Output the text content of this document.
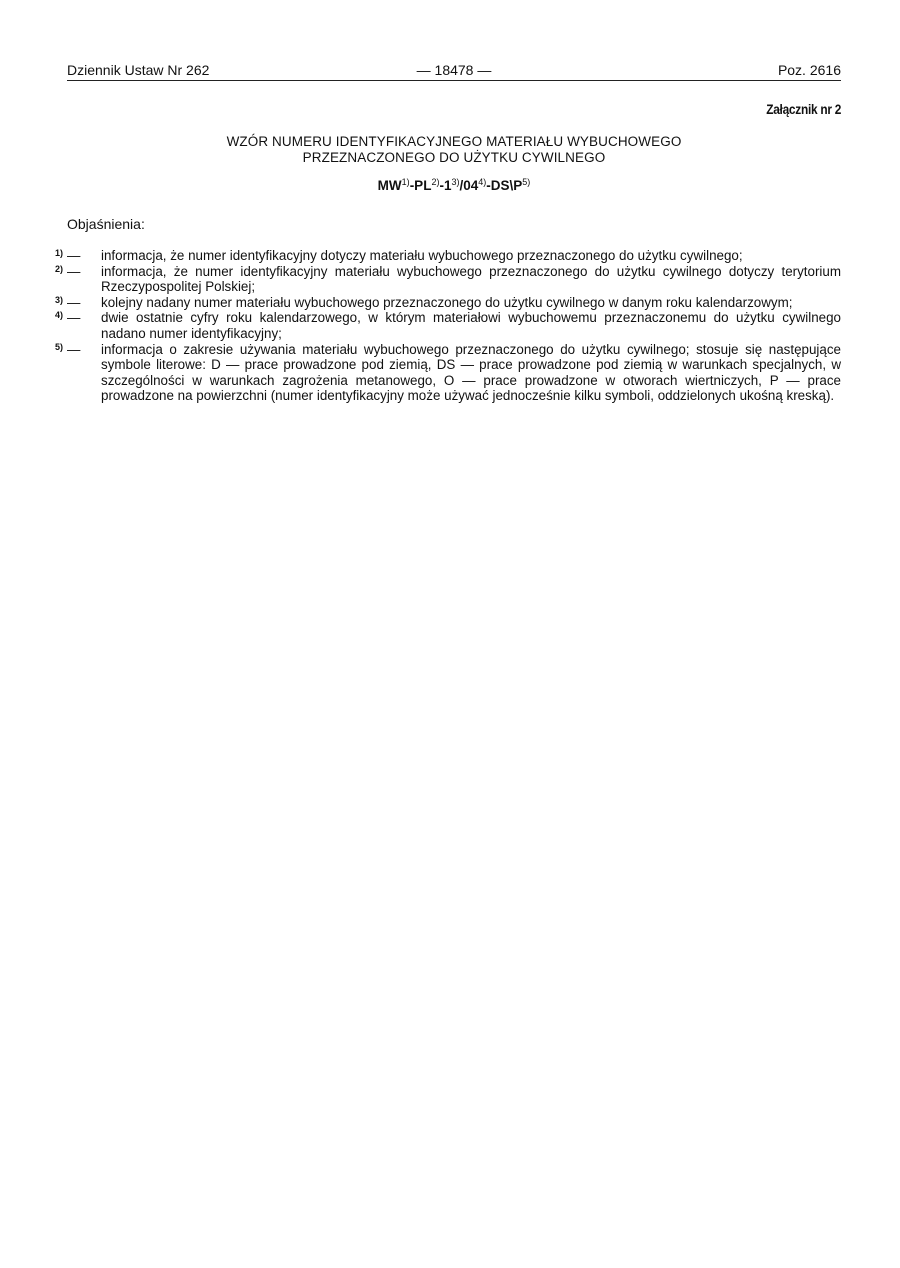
Dziennik Ustaw Nr 262	— 18478 —	Poz. 2616
Załącznik nr 2
WZÓR NUMERU IDENTYFIKACYJNEGO MATERIAŁU WYBUCHOWEGO
PRZEZNACZONEGO DO UŻYTKU CYWILNEGO
$MW^{1)}-PL^{2)}-1^{3)}/04^{4)}-DS\backslash P^{5)}$
Objaśnienia:
$^{1)}$ —	informacja, że numer identyfikacyjny dotyczy materiału wybuchowego przeznaczonego do użytku cywilnego;
$^{2)}$ —	informacja, że numer identyfikacyjny materiału wybuchowego przeznaczonego do użytku cywilnego dotyczy terytorium Rzeczypospolitej Polskiej;
$^{3)}$ —	kolejny nadany numer materiału wybuchowego przeznaczonego do użytku cywilnego w danym roku kalendarzowym;
$^{4)}$ —	dwie ostatnie cyfry roku kalendarzowego, w którym materiałowi wybuchowemu przeznaczonemu do użytku cywilnego nadano numer identyfikacyjny;
$^{5)}$ —	informacja o zakresie używania materiału wybuchowego przeznaczonego do użytku cywilnego; stosuje się następujące symbole literowe: D — prace prowadzone pod ziemią, DS — prace prowadzone pod ziemią w warunkach specjalnych, w szczególności w warunkach zagrożenia metanowego, O — prace prowadzone w otworach wiertniczych, P — prace prowadzone na powierzchni (numer identyfikacyjny może używać jednocześnie kilku symboli, oddzielonych ukośną kreską).
